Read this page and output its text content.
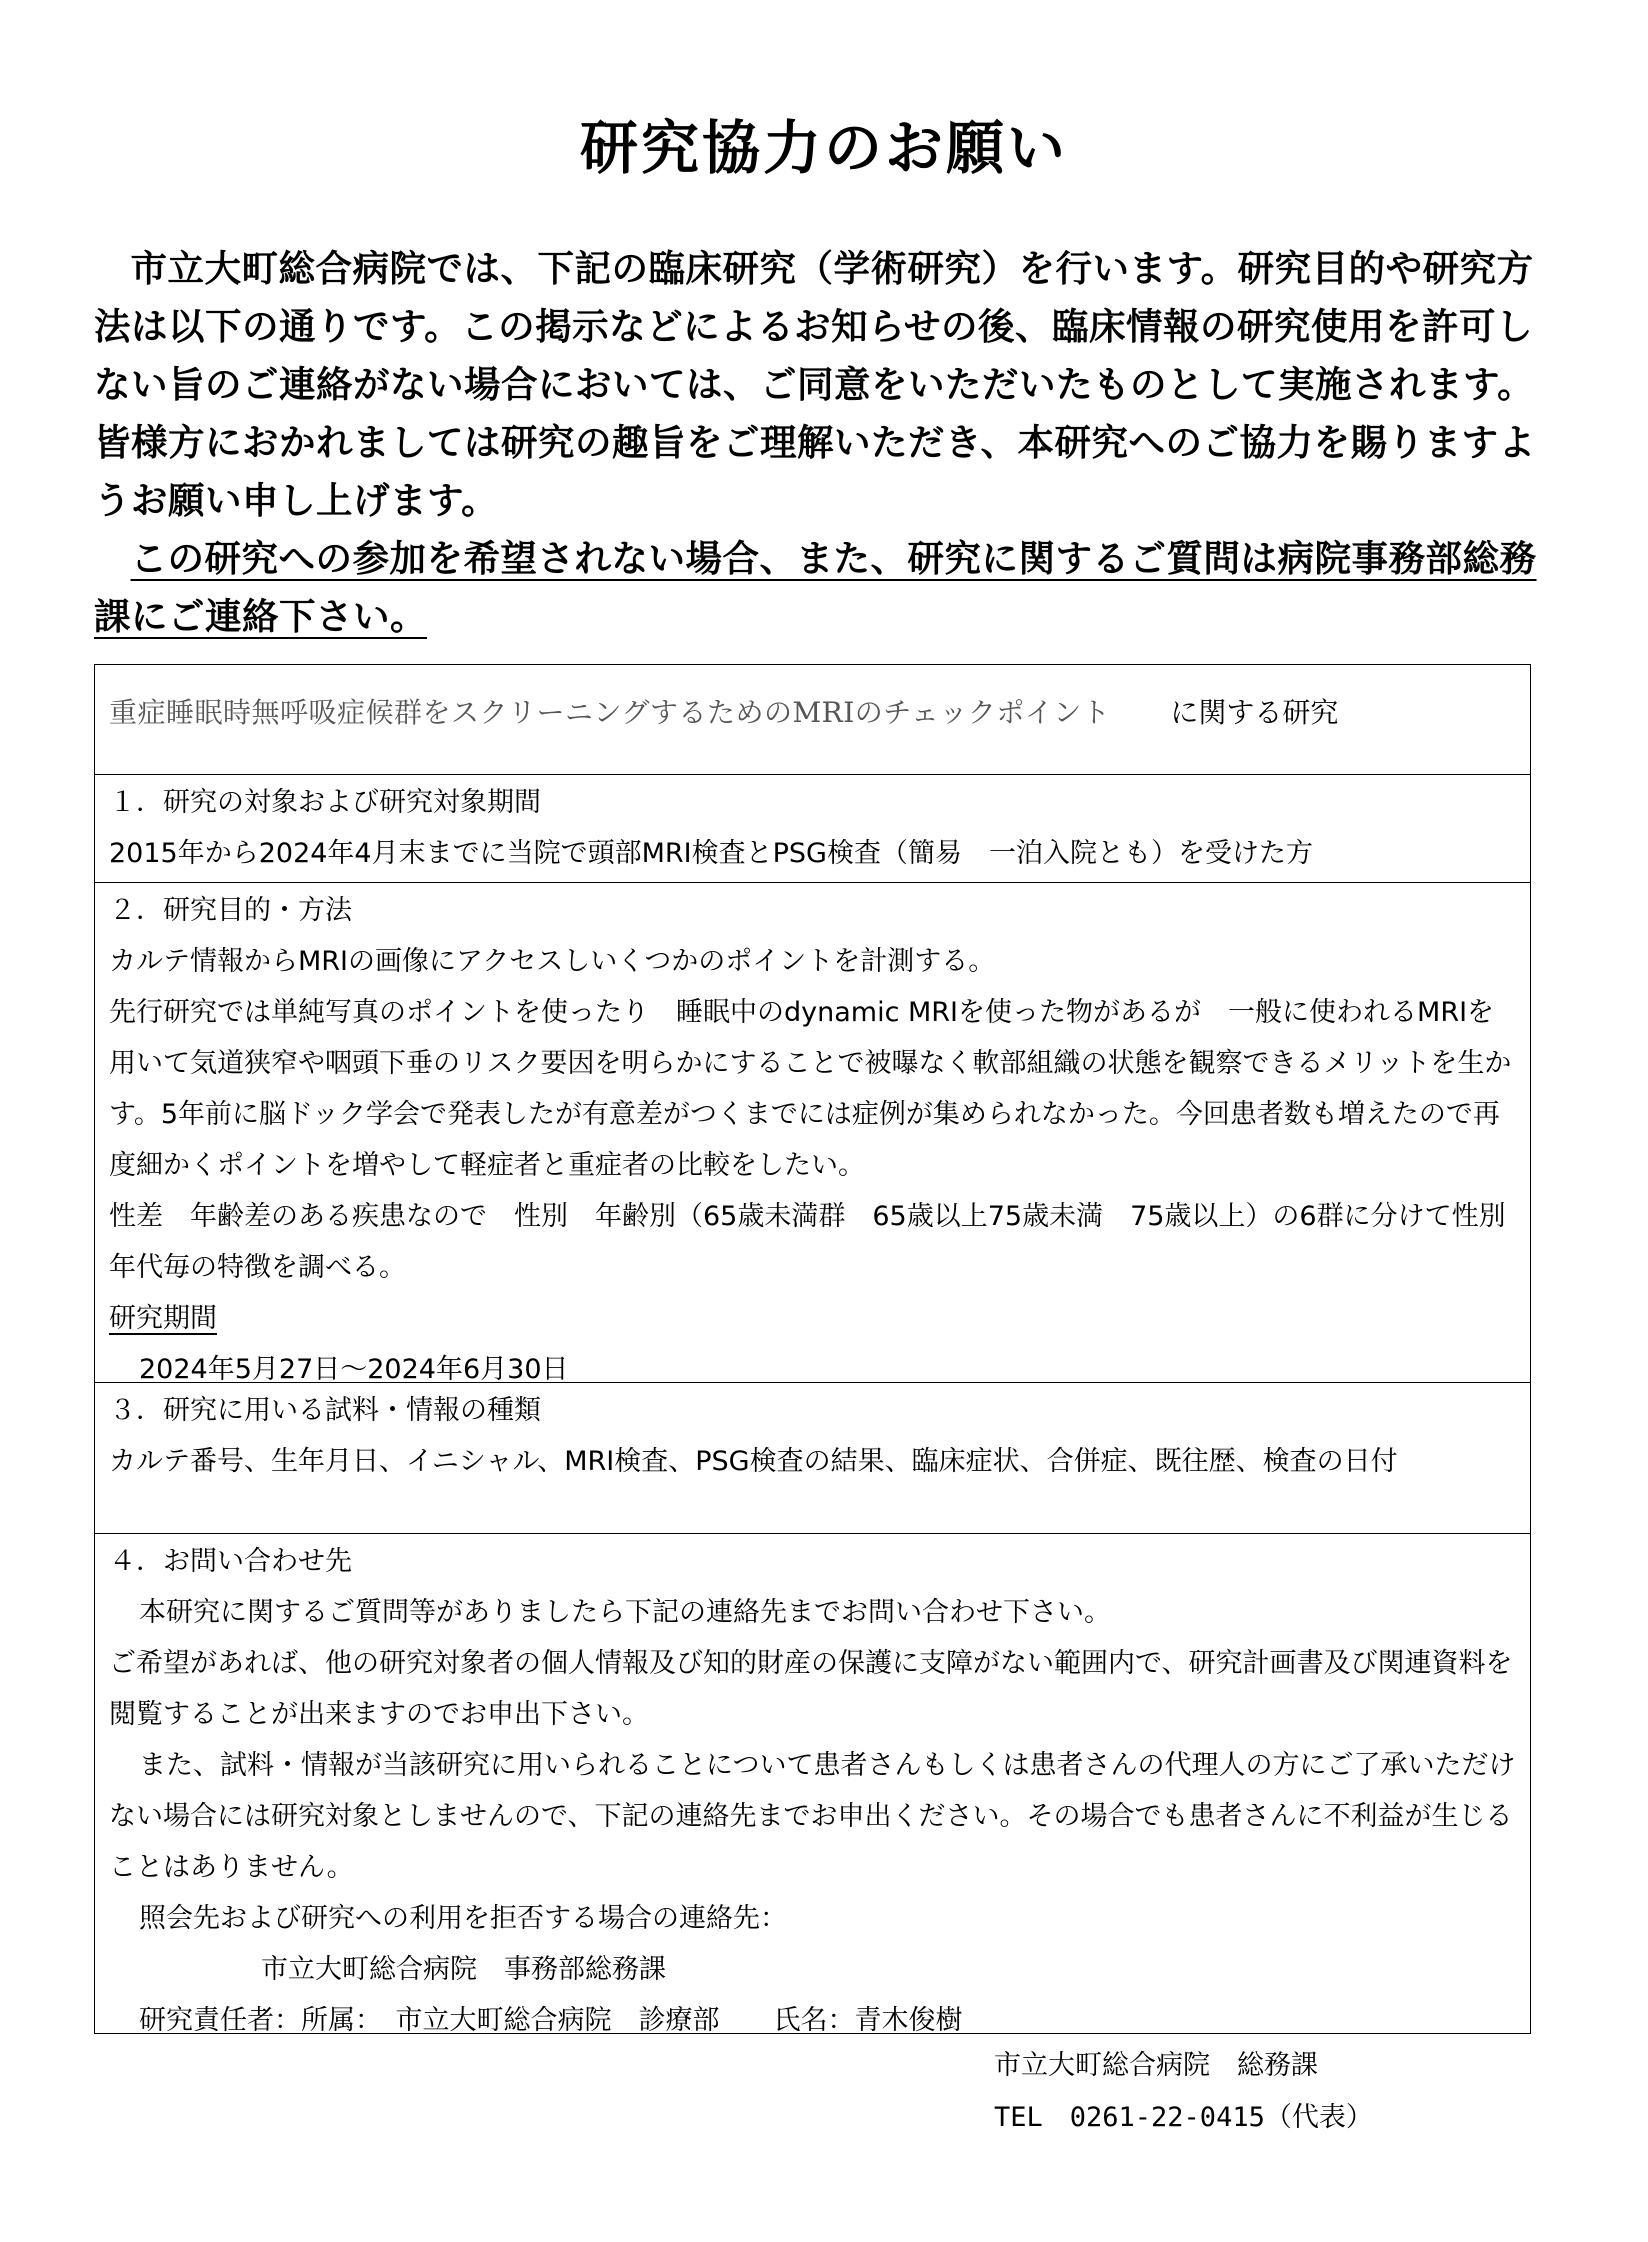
研究協力のお願い

市立大町総合病院では、下記の臨床研究（学術研究）を行います。研究目的や研究方法は以下の通りです。この掲示などによるお知らせの後、臨床情報の研究使用を許可しない旨のご連絡がない場合においては、ご同意をいただいたものとして実施されます。皆様方におかれましては研究の趣旨をご理解いただき、本研究へのご協力を賜りますようお願い申し上げます。

この研究への参加を希望されない場合、また、研究に関するご質問は病院事務部総務課にご連絡下さい。

重症睡眠時無呼吸症候群をスクリーニングするためのMRIのチェックポイント に関する研究
１．研究の対象および研究対象期間
2015年から2024年4月末までに当院で頭部MRI検査とPSG検査（簡易　一泊入院とも）を受けた方
２．研究目的・方法
カルテ情報からMRIの画像にアクセスしいくつかのポイントを計測する。
先行研究では単純写真のポイントを使ったり　睡眠中のdynamic MRIを使った物があるが　一般に使われるMRIを用いて気道狭窄や咽頭下垂のリスク要因を明らかにすることで被曝なく軟部組織の状態を観察できるメリットを生かす。5年前に脳ドック学会で発表したが有意差がつくまでには症例が集められなかった。今回患者数も増えたので再度細かくポイントを増やして軽症者と重症者の比較をしたい。
性差　年齢差のある疾患なので　性別　年齢別（65歳未満群　65歳以上75歳未満　75歳以上）の6群に分けて性別　年代毎の特徴を調べる。
研究期間
2024年5月27日～2024年6月30日
３．研究に用いる試料・情報の種類
カルテ番号、生年月日、イニシャル、MRI検査、PSG検査の結果、臨床症状、合併症、既往歴、検査の日付
４．お問い合わせ先
本研究に関するご質問等がありましたら下記の連絡先までお問い合わせ下さい。
ご希望があれば、他の研究対象者の個人情報及び知的財産の保護に支障がない範囲内で、研究計画書及び関連資料を閲覧することが出来ますのでお申出下さい。
また、試料・情報が当該研究に用いられることについて患者さんもしくは患者さんの代理人の方にご了承いただけない場合には研究対象としませんので、下記の連絡先までお申出ください。その場合でも患者さんに不利益が生じることはありません。
照会先および研究への利用を拒否する場合の連絡先：
市立大町総合病院　事務部総務課
研究責任者：所属：　市立大町総合病院　診療部　　氏名：青木俊樹
市立大町総合病院　総務課
TEL　0261-22-0415（代表）
